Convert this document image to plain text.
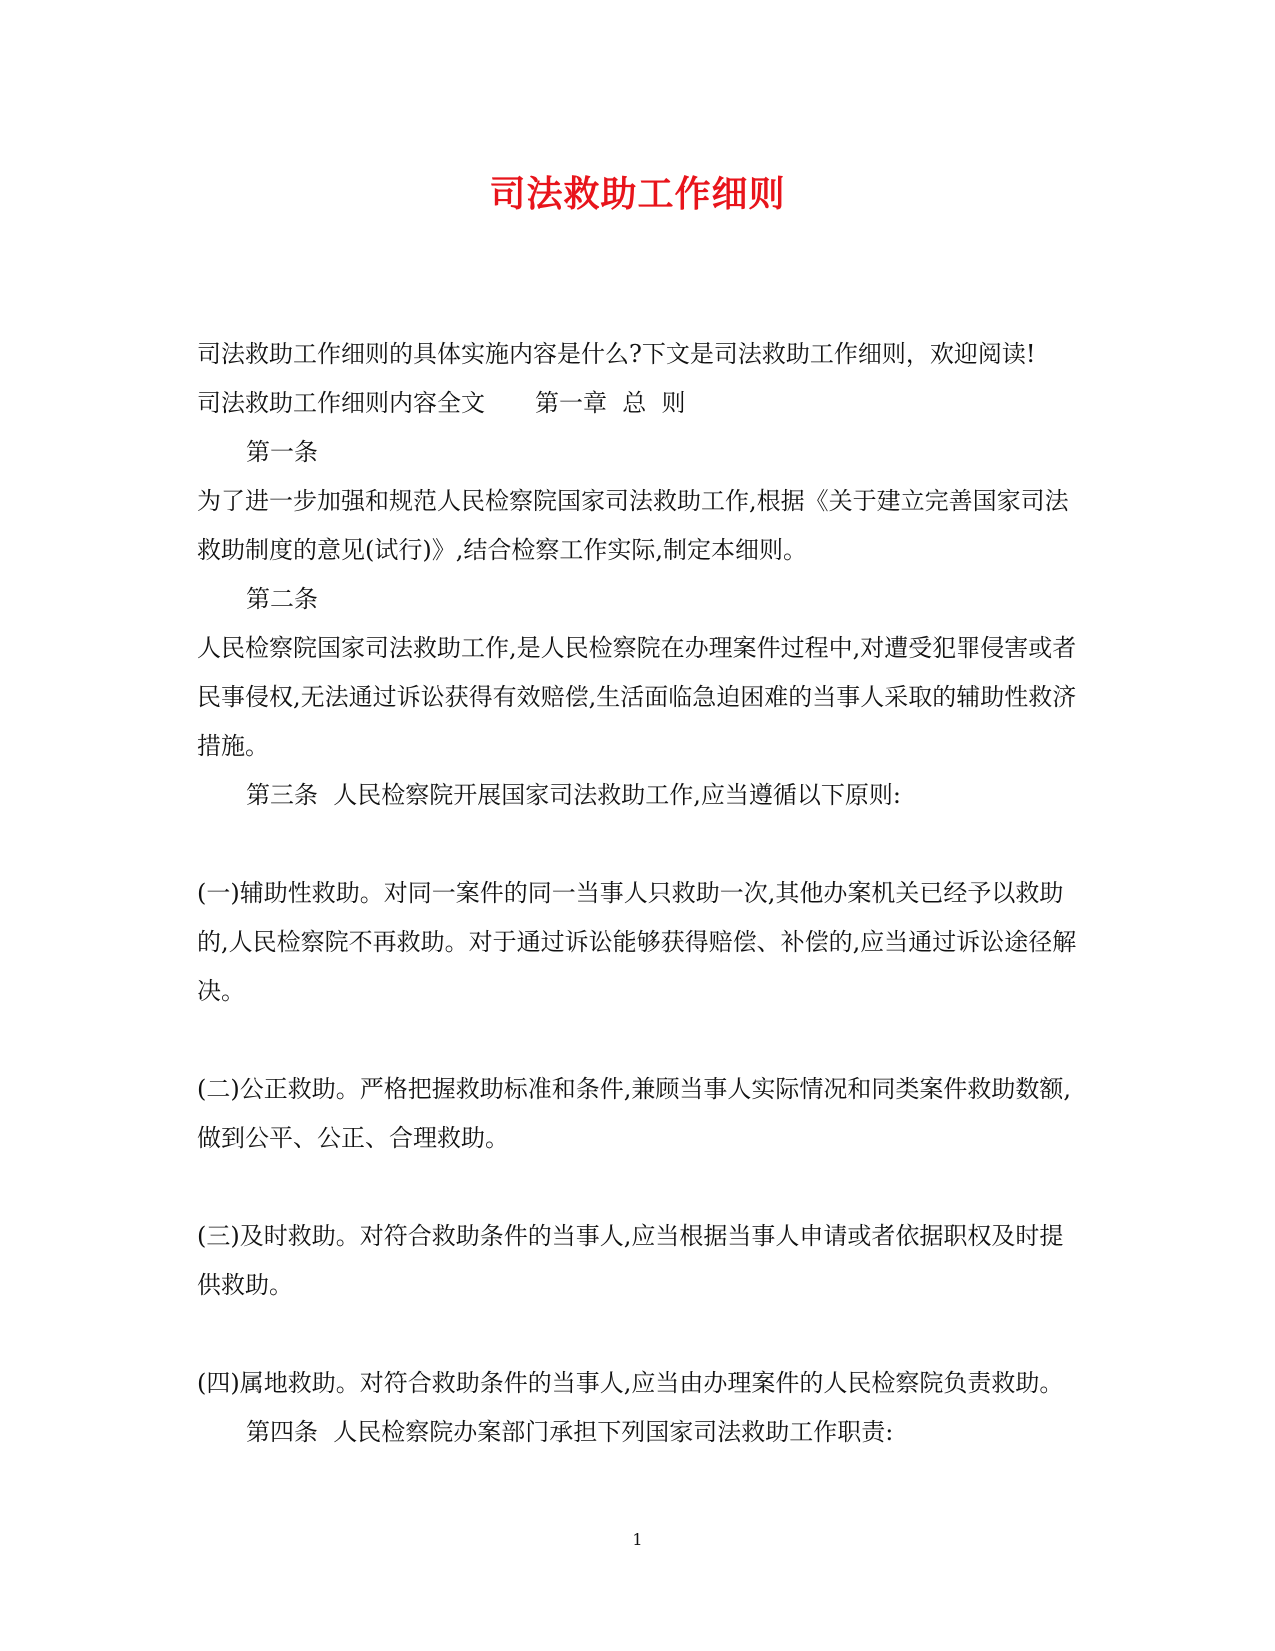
司法救助工作细则

司法救助工作细则的具体实施内容是什么?下文是司法救助工作细则，欢迎阅读!

司法救助工作细则内容全文 第一章  总  则

第一条

为了进一步加强和规范人民检察院国家司法救助工作,根据《关于建立完善国家司法救助制度的意见(试行)》,结合检察工作实际,制定本细则。

第二条

人民检察院国家司法救助工作,是人民检察院在办理案件过程中,对遭受犯罪侵害或者民事侵权,无法通过诉讼获得有效赔偿,生活面临急迫困难的当事人采取的辅助性救济措施。

第三条  人民检察院开展国家司法救助工作,应当遵循以下原则:

(一)辅助性救助。对同一案件的同一当事人只救助一次,其他办案机关已经予以救助的,人民检察院不再救助。对于通过诉讼能够获得赔偿、补偿的,应当通过诉讼途径解决。

(二)公正救助。严格把握救助标准和条件,兼顾当事人实际情况和同类案件救助数额,做到公平、公正、合理救助。

(三)及时救助。对符合救助条件的当事人,应当根据当事人申请或者依据职权及时提供救助。

(四)属地救助。对符合救助条件的当事人,应当由办理案件的人民检察院负责救助。

第四条  人民检察院办案部门承担下列国家司法救助工作职责:

1
